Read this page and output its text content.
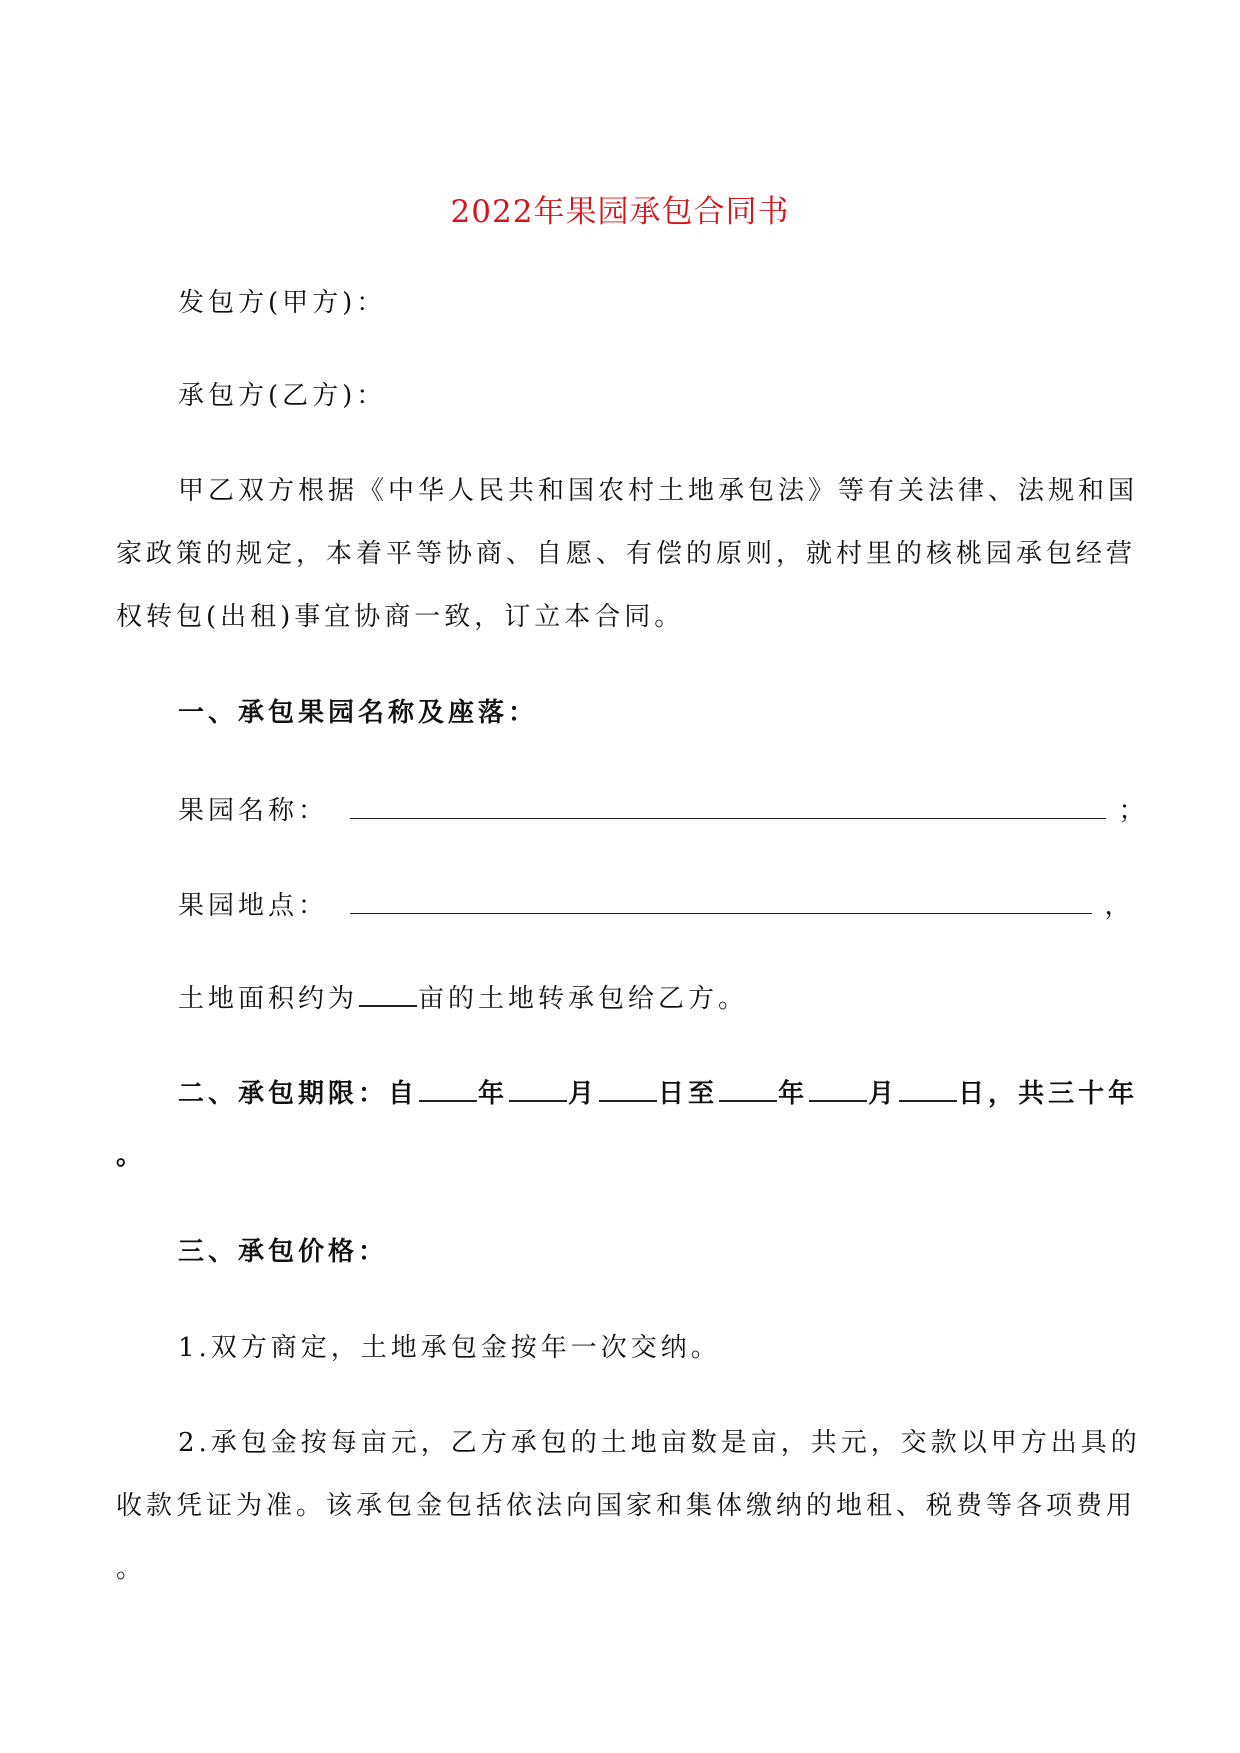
2022年果园承包合同书
发包方(甲方)：
承包方(乙方)：
甲乙双方根据《中华人民共和国农村土地承包法》等有关法律、法规和国
家政策的规定，本着平等协商、自愿、有偿的原则，就村里的核桃园承包经营
权转包(出租)事宜协商一致，订立本合同。
一、承包果园名称及座落：
果园名称：	；
果园地点：	，
土地面积约为 亩的土地转承包给乙方。
二、承包期限：自 年 月 日至 年 月 日，共三十年
。
三、承包价格：
1.双方商定，土地承包金按年一次交纳。
2.承包金按每亩元，乙方承包的土地亩数是亩，共元，交款以甲方出具的
收款凭证为准。该承包金包括依法向国家和集体缴纳的地租、税费等各项费用
。
